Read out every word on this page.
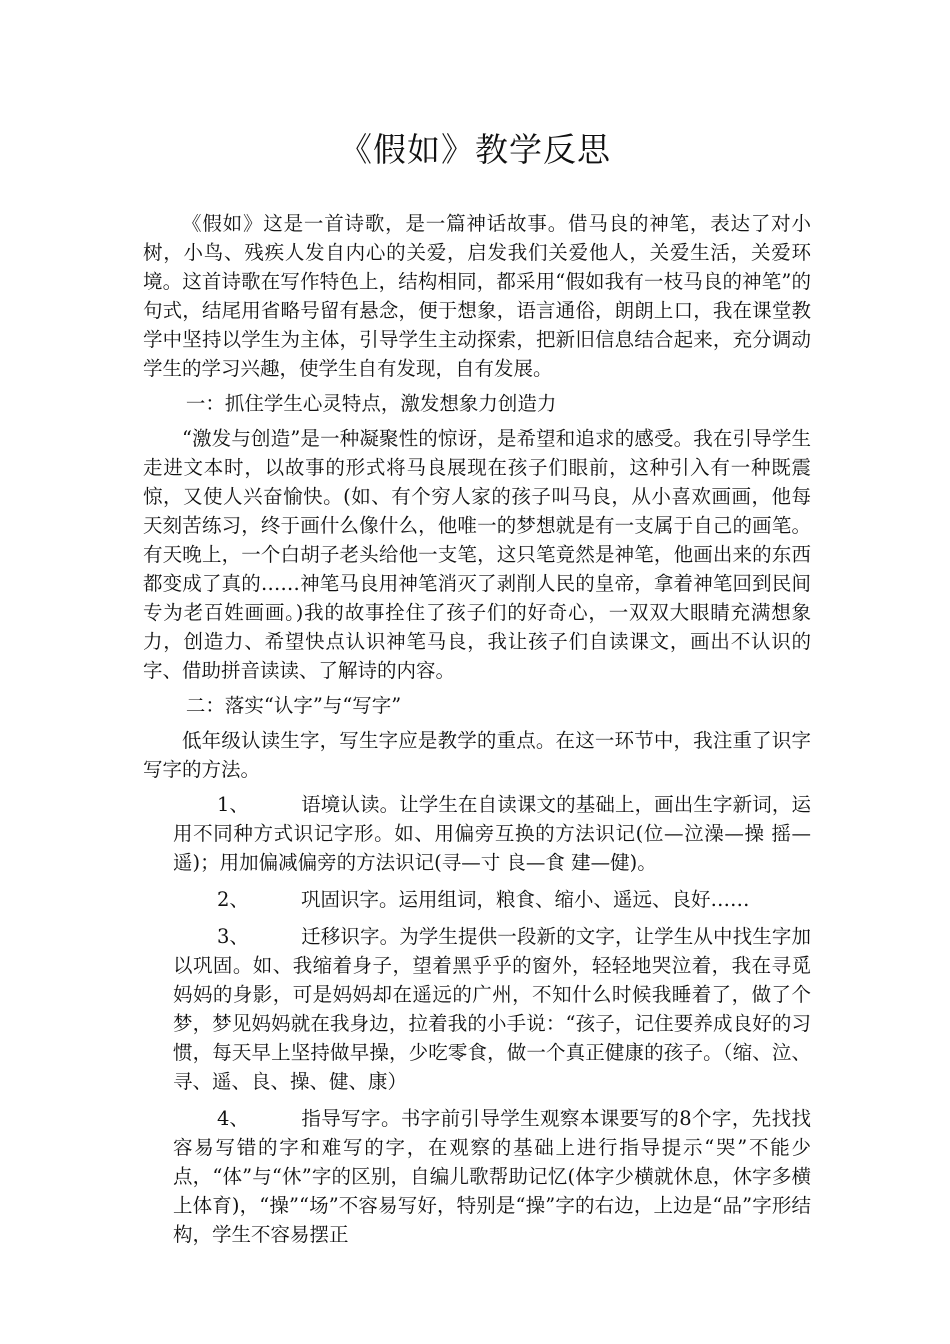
《假如》教学反思

《假如》这是一首诗歌，是一篇神话故事。借马良的神笔，表达了对小树，小鸟、残疾人发自内心的关爱，启发我们关爱他人，关爱生活，关爱环境。这首诗歌在写作特色上，结构相同，都采用“假如我有一枝马良的神笔”的句式，结尾用省略号留有悬念，便于想象，语言通俗，朗朗上口，我在课堂教学中坚持以学生为主体，引导学生主动探索，把新旧信息结合起来，充分调动学生的学习兴趣，使学生自有发现，自有发展。

一：抓住学生心灵特点，激发想象力创造力

“激发与创造”是一种凝聚性的惊讶，是希望和追求的感受。我在引导学生走进文本时，以故事的形式将马良展现在孩子们眼前，这种引入有一种既震惊，又使人兴奋愉快。(如、有个穷人家的孩子叫马良，从小喜欢画画，他每天刻苦练习，终于画什么像什么，他唯一的梦想就是有一支属于自己的画笔。有天晚上，一个白胡子老头给他一支笔，这只笔竟然是神笔，他画出来的东西都变成了真的……神笔马良用神笔消灭了剥削人民的皇帝，拿着神笔回到民间专为老百姓画画。)我的故事拴住了孩子们的好奇心，一双双大眼睛充满想象力，创造力、希望快点认识神笔马良，我让孩子们自读课文，画出不认识的字、借助拼音读读、了解诗的内容。

二：落实“认字”与“写字”

低年级认读生字，写生字应是教学的重点。在这一环节中，我注重了识字写字的方法。

1、	语境认读。让学生在自读课文的基础上，画出生字新词，运用不同种方式识记字形。如、用偏旁互换的方法识记(位—泣澡—操 摇—遥)；用加偏减偏旁的方法识记(寻—寸 良—食 建—健)。

2、	巩固识字。运用组词，粮食、缩小、遥远、良好……

3、	迁移识字。为学生提供一段新的文字，让学生从中找生字加以巩固。如、我缩着身子，望着黑乎乎的窗外，轻轻地哭泣着，我在寻觅妈妈的身影，可是妈妈却在遥远的广州，不知什么时候我睡着了，做了个梦，梦见妈妈就在我身边，拉着我的小手说：“孩子，记住要养成良好的习惯，每天早上坚持做早操，少吃零食，做一个真正健康的孩子。（缩、泣、寻、遥、良、操、健、康）

4、	指导写字。书字前引导学生观察本课要写的8个字，先找找容易写错的字和难写的字，在观察的基础上进行指导提示“哭”不能少点，“体”与“休”字的区别，自编儿歌帮助记忆(体字少横就休息，休字多横上体育)，“操”“场”不容易写好，特别是“操”字的右边，上边是“品”字形结构，学生不容易摆正
